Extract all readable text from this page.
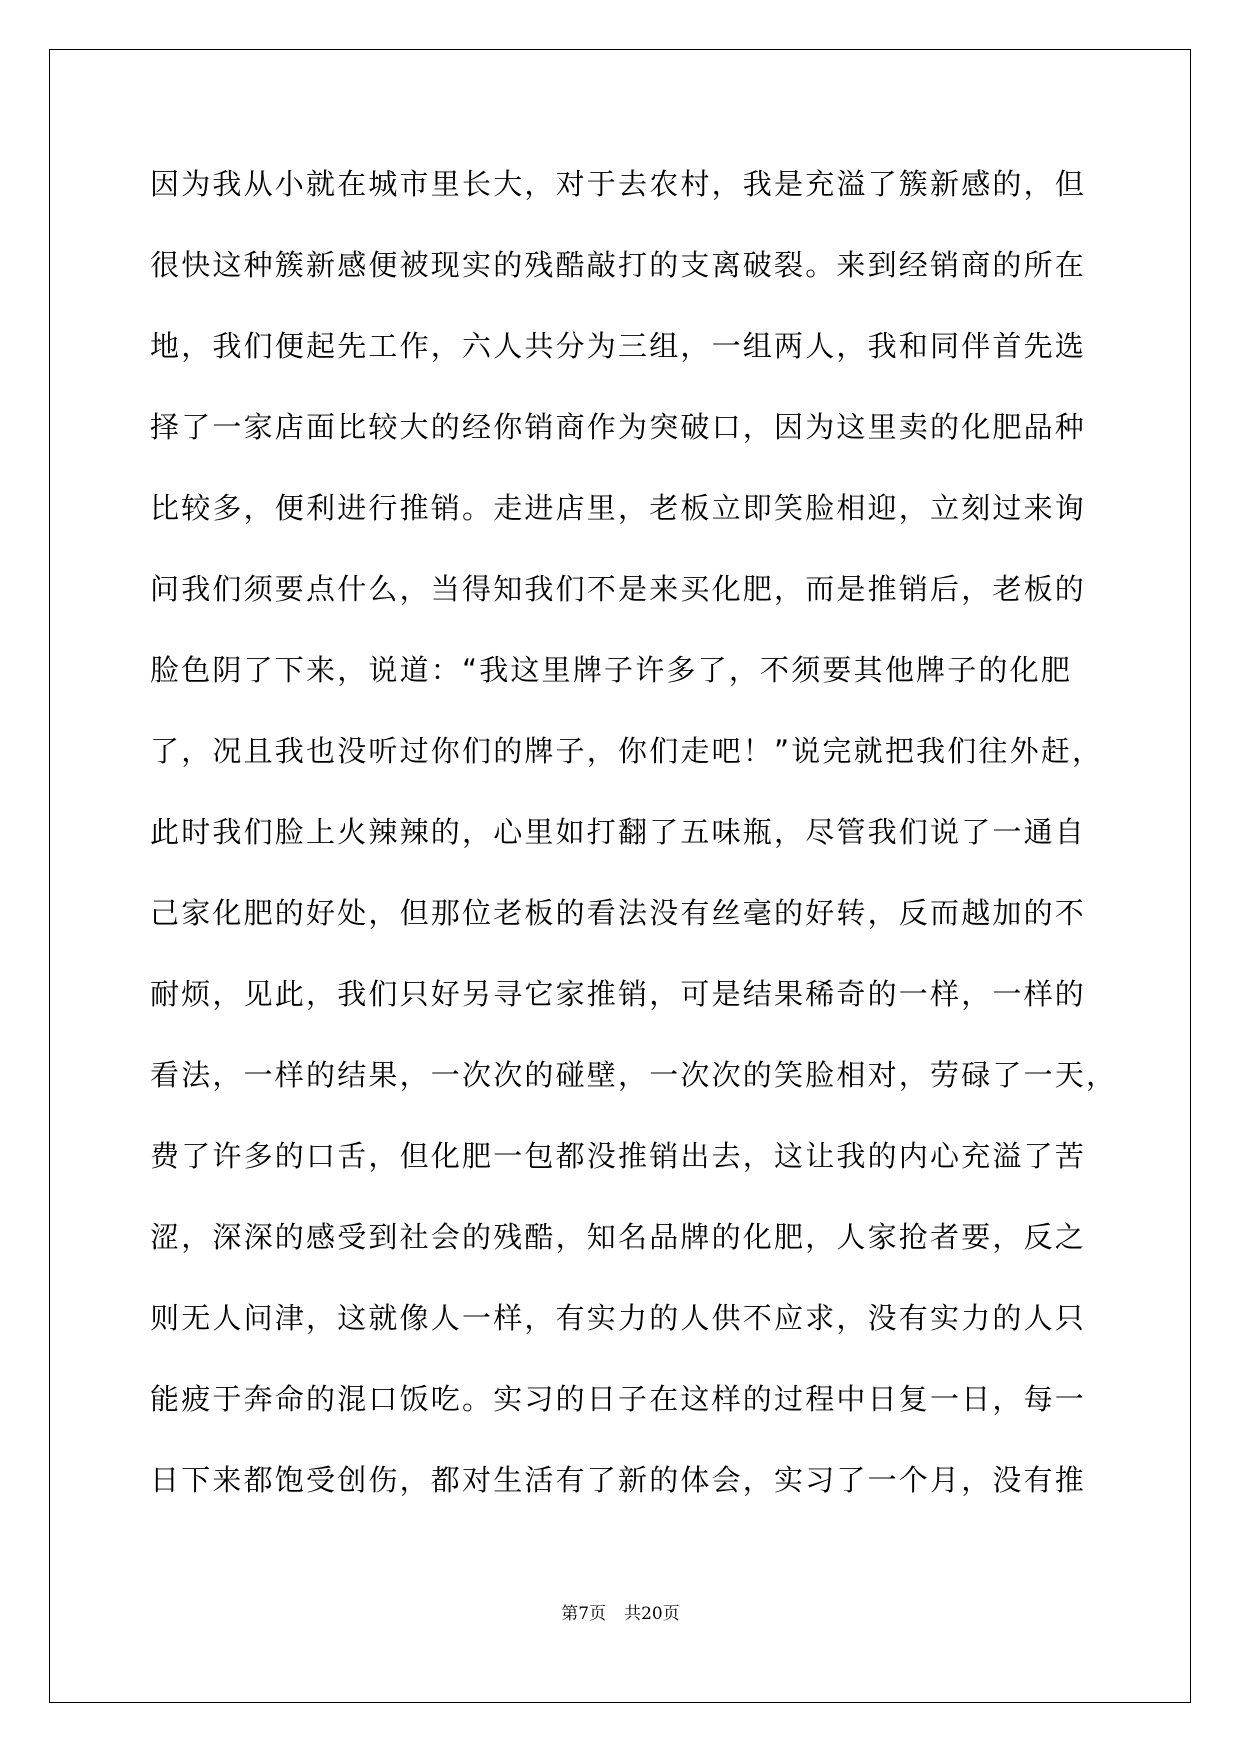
因为我从小就在城市里长大，对于去农村，我是充溢了簇新感的，但
很快这种簇新感便被现实的残酷敲打的支离破裂。来到经销商的所在
地，我们便起先工作，六人共分为三组，一组两人，我和同伴首先选
择了一家店面比较大的经你销商作为突破口，因为这里卖的化肥品种
比较多，便利进行推销。走进店里，老板立即笑脸相迎，立刻过来询
问我们须要点什么，当得知我们不是来买化肥，而是推销后，老板的
脸色阴了下来，说道：“我这里牌子许多了，不须要其他牌子的化肥
了，况且我也没听过你们的牌子，你们走吧！”说完就把我们往外赶，
此时我们脸上火辣辣的，心里如打翻了五味瓶，尽管我们说了一通自
己家化肥的好处，但那位老板的看法没有丝毫的好转，反而越加的不
耐烦，见此，我们只好另寻它家推销，可是结果稀奇的一样，一样的
看法，一样的结果，一次次的碰壁，一次次的笑脸相对，劳碌了一天，
费了许多的口舌，但化肥一包都没推销出去，这让我的内心充溢了苦
涩，深深的感受到社会的残酷，知名品牌的化肥，人家抢者要，反之
则无人问津，这就像人一样，有实力的人供不应求，没有实力的人只
能疲于奔命的混口饭吃。实习的日子在这样的过程中日复一日，每一
日下来都饱受创伤，都对生活有了新的体会，实习了一个月，没有推
第7页 共20页
